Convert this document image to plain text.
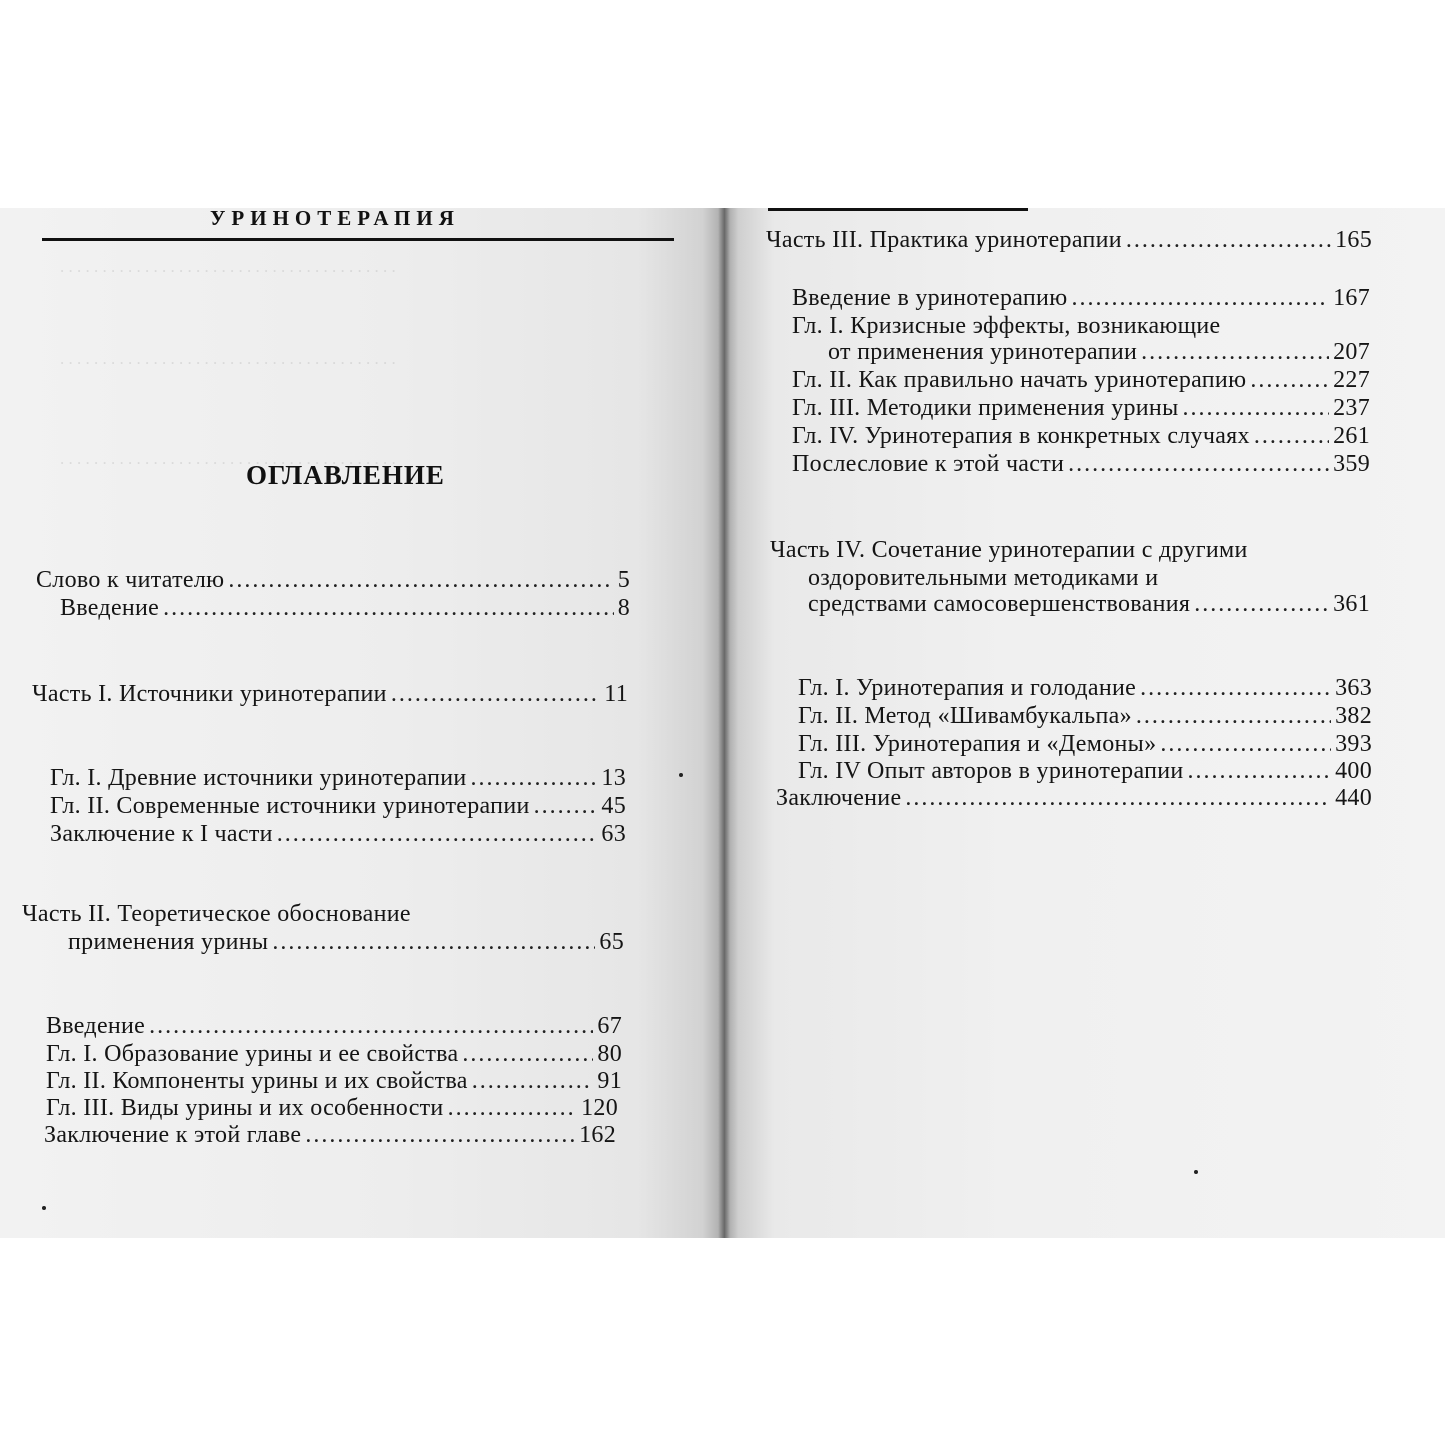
. . . . . . . . . . . . . . . . . . . . . . . . . . . . . . . . . . . . . . . .
. . . . . . . . . . . . . . . . . . . . . . . . . . . . . . . . . . . . . . . .
. . . . . . . . . . . . . . . . . . . . . . . . . . . . . . . . . . . . . . . .
УРИНОТЕРАПИЯ
ОГЛАВЛЕНИЕ
Слово к читателю .....	5
Введение .....	8
Часть I. Источники уринотерапии .....	11
Гл. I. Древние источники уринотерапии .....	13
Гл. II. Современные источники уринотерапии .....	45
Заключение к I части .....	63
Часть II. Теоретическое обоснование
применения урины .....	65
Введение .....	67
Гл. I. Образование урины и ее свойства .....	80
Гл. II. Компоненты урины и их свойства .....	91
Гл. III. Виды урины и их особенности .....	120
Заключение к этой главе .....	162
Часть III. Практика уринотерапии .....	165
Введение в уринотерапию .....	167
Гл. I. Кризисные эффекты, возникающие
от применения уринотерапии .....	207
Гл. II. Как правильно начать уринотерапию .....	227
Гл. III. Методики применения урины .....	237
Гл. IV. Уринотерапия в конкретных случаях .....	261
Послесловие к этой части .....	359
Часть IV. Сочетание уринотерапии с другими
оздоровительными методиками и
средствами самосовершенствования .....	361
Гл. I. Уринотерапия и голодание .....	363
Гл. II. Метод «Шивамбукальпа» .....	382
Гл. III. Уринотерапия и «Демоны» .....	393
Гл. IV Опыт авторов в уринотерапии .....	400
Заключение .....	440
